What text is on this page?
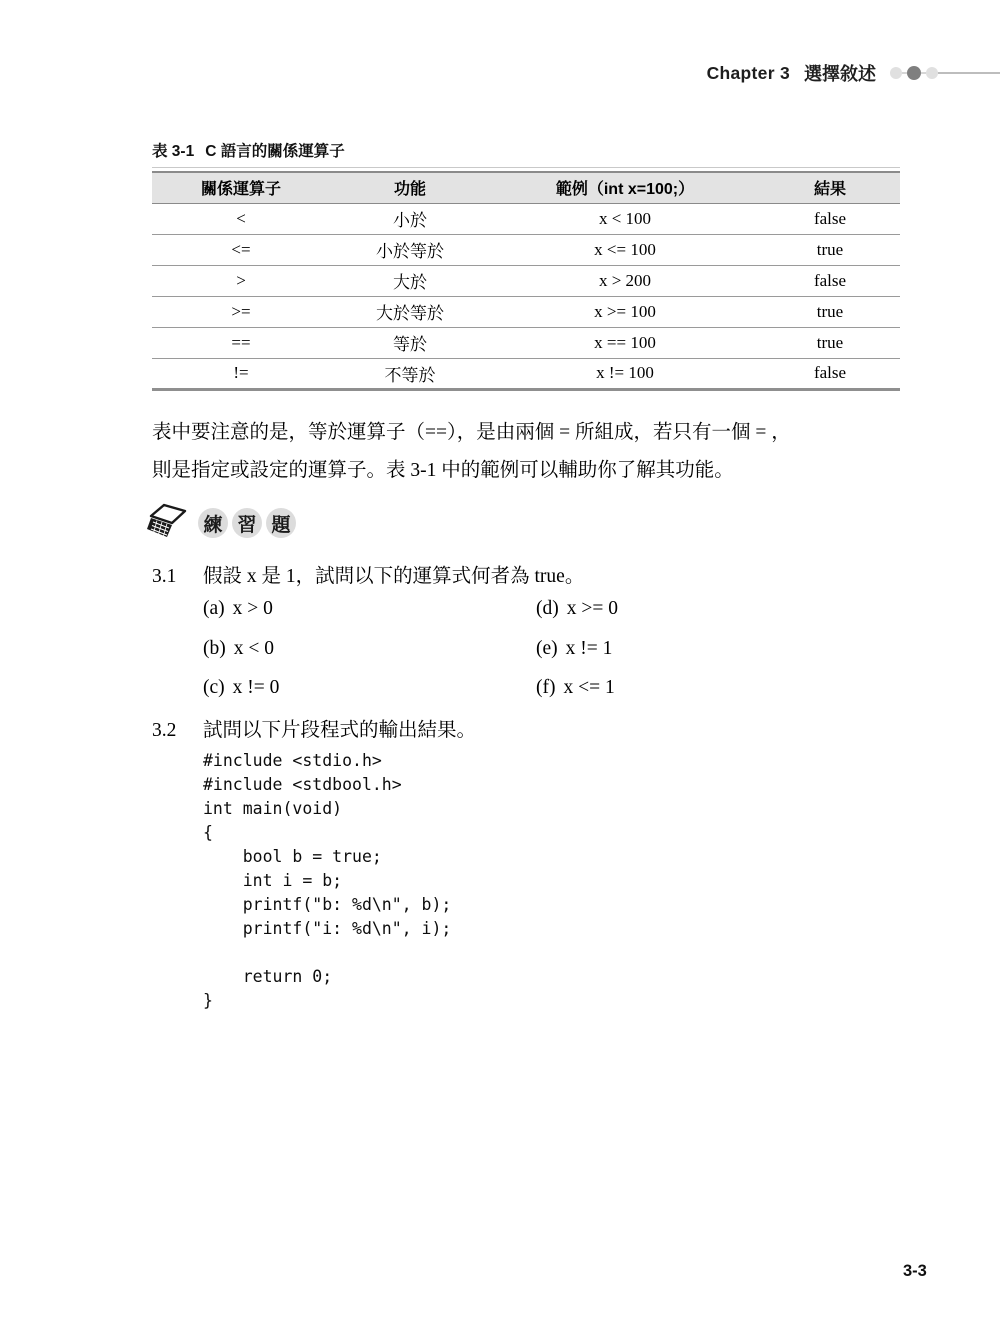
Chapter 3 選擇敘述
表 3-1 C 語言的關係運算子
關係運算子	功能	範例（int x=100;）	結果
<	小於	x < 100	false
<=	小於等於	x <= 100	true
>	大於	x > 200	false
>=	大於等於	x >= 100	true
==	等於	x == 100	true
!=	不等於	x != 100	false
表中要注意的是，等於運算子（==），是由兩個 = 所組成，若只有一個 = ，
則是指定或設定的運算子。表 3-1 中的範例可以輔助你了解其功能。
練 習 題
3.1 假設 x 是 1，試問以下的運算式何者為 true。
(a) x > 0
(b) x < 0
(c) x != 0
(d) x >= 0
(e) x != 1
(f) x <= 1
3.2 試問以下片段程式的輸出結果。
#include <stdio.h>
#include <stdbool.h>
int main(void)
{
bool b = true;
int i = b;
printf("b: %d\n", b);
printf("i: %d\n", i);
return 0;
}
3-3
